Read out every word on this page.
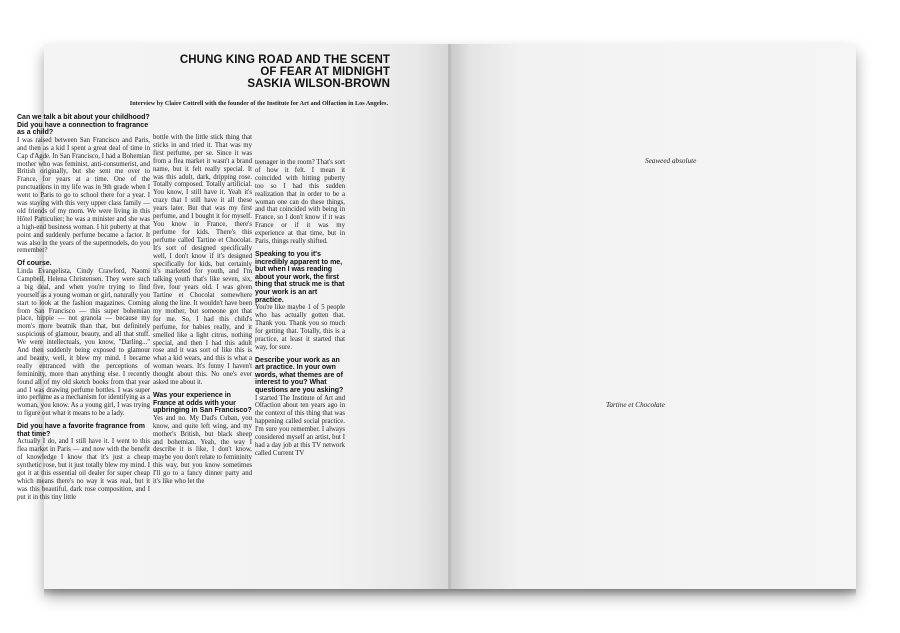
CHUNG KING ROAD AND THE SCENT
OF FEAR AT MIDNIGHT
SASKIA WILSON-BROWN
Interview by Claire Cottrell with the founder of the Institute for Art and Olfaction in Los Angeles.
Can we talk a bit about your childhood? Did you have a connection to fragrance as a child?

I was raised between San Francisco and Paris, and then as a kid I spent a great deal of time in Cap d'Agde. In San Francisco, I had a Bohemian mother who was feminist, anti-consumerist, and British originally, but she sent me over to France, for years at a time. One of the punctuations in my life was in 9th grade when I went to Paris to go to school there for a year. I was staying with this very upper class family — old friends of my mom. We were living in this Hôtel Particulier; he was a minister and she was a high-end business woman. I hit puberty at that point and suddenly perfume became a factor. It was also in the years of the supermodels, do you remember?

Of course.

Linda Evangelista, Cindy Crawford, Naomi Campbell, Helena Christensen. They were such a big deal, and when you're trying to find yourself as a young woman or girl, naturally you start to look at the fashion magazines. Coming from San Francisco — this super bohemian place, hippie — not granola — because my mom's more beatnik than that, but definitely suspicious of glamour, beauty, and all that stuff. We were intellectuals, you know, "Darling..." And then suddenly being exposed to glamour and beauty, well, it blew my mind. I became really entranced with the perceptions of femininity, more than anything else. I recently found all of my old sketch books from that year and I was drawing perfume bottles. I was super into perfume as a mechanism for identifying as a woman, you know. As a young girl, I was trying to figure out what it means to be a lady.

Did you have a favorite fragrance from that time?

Actually I do, and I still have it. I went to this flea market in Paris — and now with the benefit of knowledge I know that it's just a cheap synthetic rose, but it just totally blew my mind. I got it at this essential oil dealer for super cheap which means there's no way it was real, but it was this beautiful, dark rose composition, and I put it in this tiny little

bottle with the little stick thing that sticks in and tried it. That was my first perfume, per se. Since it was from a flea market it wasn't a brand name, but it felt really special. It was this adult, dark, dripping rose. Totally composed. Totally artificial. You know, I still have it. Yeah it's crazy that I still have it all these years later. But that was my first perfume, and I bought it for myself. You know in France, there's perfume for kids. There's this perfume called Tartine et Chocolat. It's sort of designed specifically well, I don't know if it's designed specifically for kids, but certainly it's marketed for youth, and I'm talking youth that's like seven, six, five, four years old. I was given Tartine et Chocolat somewhere along the line. It wouldn't have been my mother, but someone got that for me. So, I had this child's perfume, for babies really, and it smelled like a light citrus, nothing special, and then I had this adult rose and it was sort of like this is what a kid wears, and this is what a woman wears. It's funny I haven't thought about this. No one's ever asked me about it.

Was your experience in France at odds with your upbringing in San Francisco?

Yes and no. My Dad's Cuban, you know, and quite left wing, and my mother's British, but black sheep and bohemian. Yeah, the way I describe it is like, I don't know, maybe you don't relate to femininity this way, but you know sometimes I'll go to a fancy dinner party and it's like who let the

teenager in the room? That's sort of how it felt. I mean it coincided with hitting puberty too so I had this sudden realization that in order to be a woman one can do these things, and that coincided with being in France, so I don't know if it was France or if it was my experience at that time, but in Paris, things really shifted.

Speaking to you it's incredibly apparent to me, but when I was reading about your work, the first thing that struck me is that your work is an art practice.

You're like maybe 1 of 5 people who has actually gotten that. Thank you. Thank you so much for getting that. Totally, this is a practice, at least it started that way, for sure.

Describe your work as an art practice. In your own words, what themes are of interest to you? What questions are you asking?

I started The Institute of Art and Olfaction about ten years ago in the context of this thing that was happening called social practice. I'm sure you remember. I always considered myself an artist, but I had a day job at this TV network called Current TV

Seaweed absolute
Tartine et Chocolate
